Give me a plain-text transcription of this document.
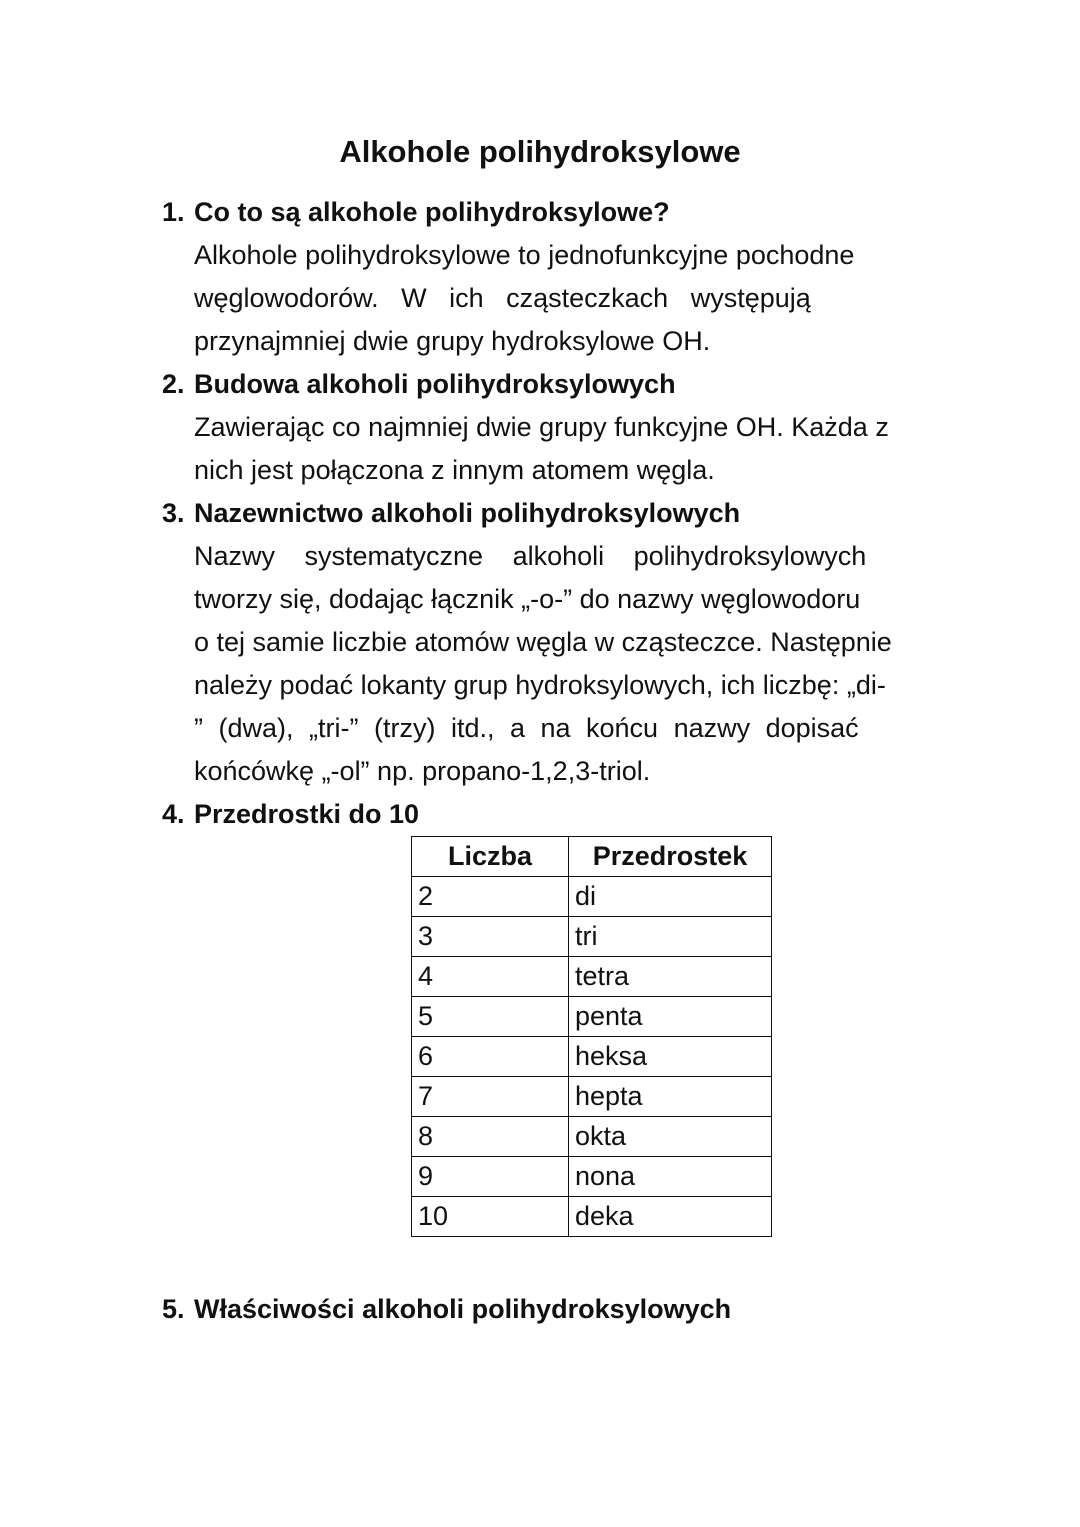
Alkohole polihydroksylowe
1. Co to są alkohole polihydroksylowe?
Alkohole polihydroksylowe to jednofunkcyjne pochodne
węglowodorów.   W   ich   cząsteczkach   występują
przynajmniej dwie grupy hydroksylowe OH.
2. Budowa alkoholi polihydroksylowych
Zawierając co najmniej dwie grupy funkcyjne OH. Każda z
nich jest połączona z innym atomem węgla.
3. Nazewnictwo alkoholi polihydroksylowych
Nazwy systematyczne alkoholi polihydroksylowych
tworzy się, dodając łącznik „-o-” do nazwy węglowodoru
o tej samie liczbie atomów węgla w cząsteczce. Następnie
należy podać lokanty grup hydroksylowych, ich liczbę: „di-
” (dwa), „tri-” (trzy) itd., a na końcu nazwy dopisać
końcówkę „-ol” np. propano-1,2,3-triol.
4. Przedrostki do 10
Liczba	Przedrostek
2	di
3	tri
4	tetra
5	penta
6	heksa
7	hepta
8	okta
9	nona
10	deka
5. Właściwości alkoholi polihydroksylowych
